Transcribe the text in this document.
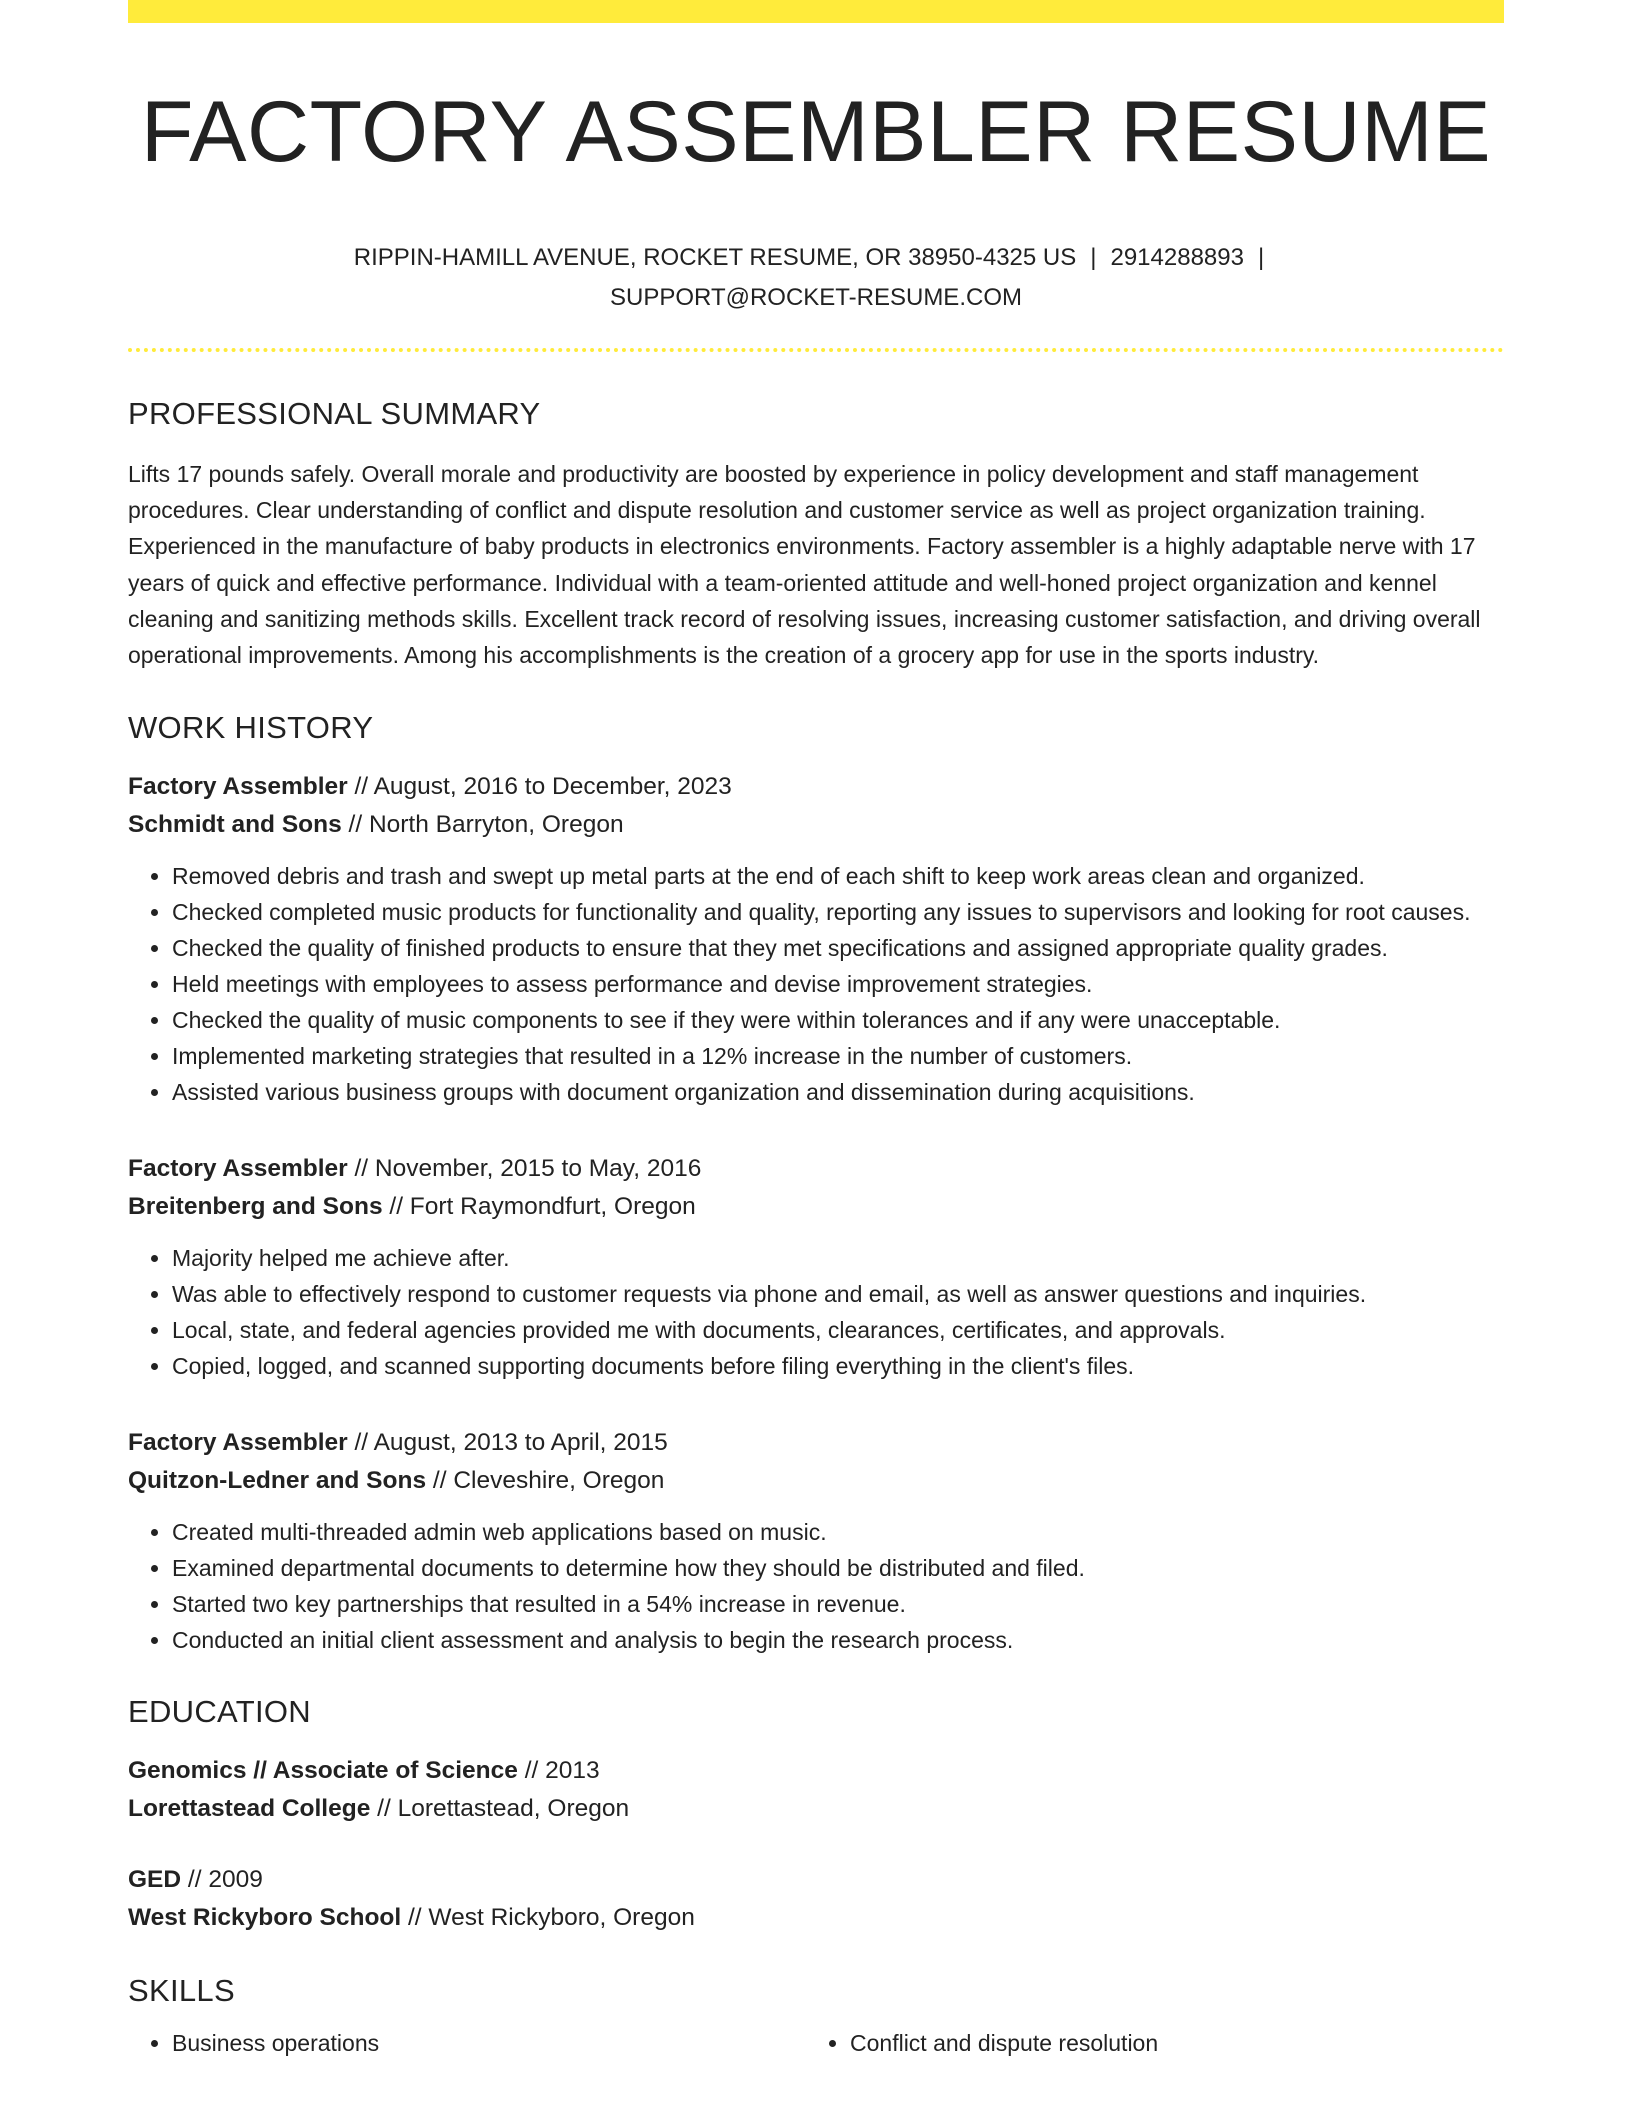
FACTORY ASSEMBLER RESUME
RIPPIN-HAMILL AVENUE, ROCKET RESUME, OR 38950-4325 US | 2914288893 |
SUPPORT@ROCKET-RESUME.COM
PROFESSIONAL SUMMARY

Lifts 17 pounds safely. Overall morale and productivity are boosted by experience in policy development and staff management procedures. Clear understanding of conflict and dispute resolution and customer service as well as project organization training. Experienced in the manufacture of baby products in electronics environments. Factory assembler is a highly adaptable nerve with 17 years of quick and effective performance. Individual with a team-oriented attitude and well-honed project organization and kennel cleaning and sanitizing methods skills. Excellent track record of resolving issues, increasing customer satisfaction, and driving overall operational improvements. Among his accomplishments is the creation of a grocery app for use in the sports industry.

WORK HISTORY
Factory Assembler // August, 2016 to December, 2023
Schmidt and Sons // North Barryton, Oregon
• Removed debris and trash and swept up metal parts at the end of each shift to keep work areas clean and organized.
• Checked completed music products for functionality and quality, reporting any issues to supervisors and looking for root causes.
• Checked the quality of finished products to ensure that they met specifications and assigned appropriate quality grades.
• Held meetings with employees to assess performance and devise improvement strategies.
• Checked the quality of music components to see if they were within tolerances and if any were unacceptable.
• Implemented marketing strategies that resulted in a 12% increase in the number of customers.
• Assisted various business groups with document organization and dissemination during acquisitions.
Factory Assembler // November, 2015 to May, 2016
Breitenberg and Sons // Fort Raymondfurt, Oregon
• Majority helped me achieve after.
• Was able to effectively respond to customer requests via phone and email, as well as answer questions and inquiries.
• Local, state, and federal agencies provided me with documents, clearances, certificates, and approvals.
• Copied, logged, and scanned supporting documents before filing everything in the client's files.
Factory Assembler // August, 2013 to April, 2015
Quitzon-Ledner and Sons // Cleveshire, Oregon
• Created multi-threaded admin web applications based on music.
• Examined departmental documents to determine how they should be distributed and filed.
• Started two key partnerships that resulted in a 54% increase in revenue.
• Conducted an initial client assessment and analysis to begin the research process.
EDUCATION
Genomics // Associate of Science // 2013
Lorettastead College // Lorettastead, Oregon
GED // 2009
West Rickyboro School // West Rickyboro, Oregon
SKILLS
• Business operations
•	Conflict and dispute resolution
